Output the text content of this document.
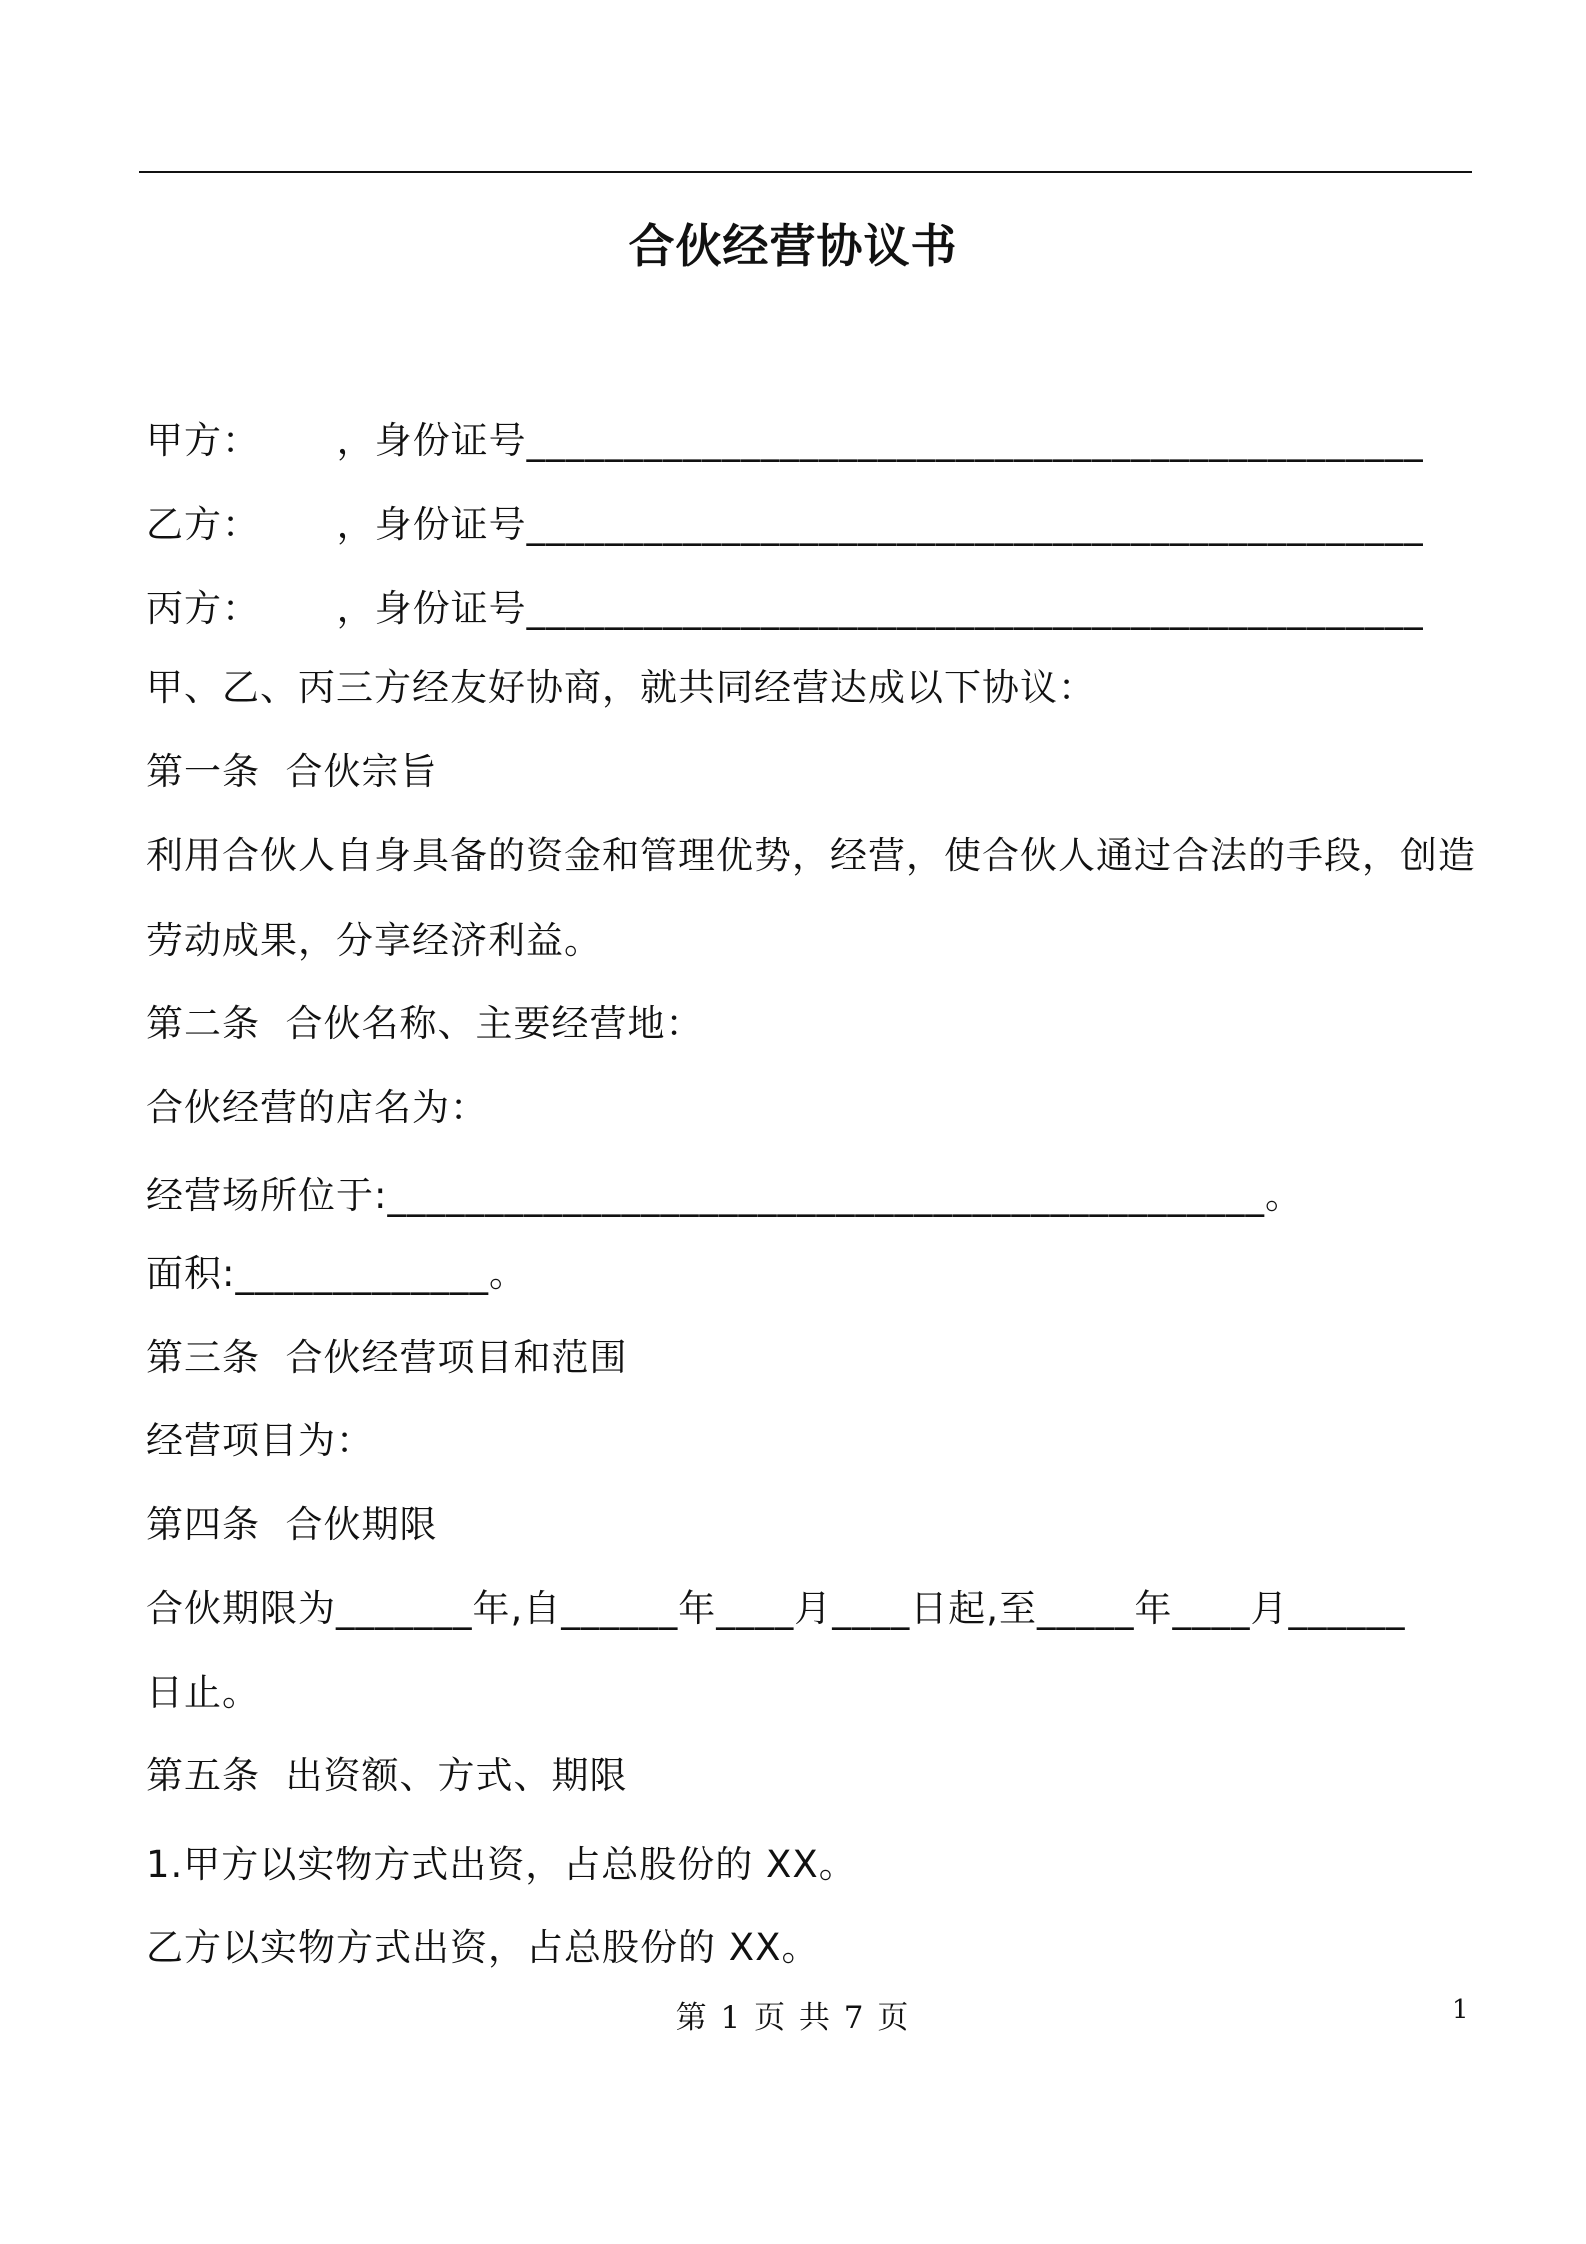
合伙经营协议书
甲方：      ，身份证号______________________________________________
乙方：      ，身份证号______________________________________________
丙方：      ，身份证号______________________________________________
甲、乙、丙三方经友好协商，就共同经营达成以下协议：
第一条  合伙宗旨
利用合伙人自身具备的资金和管理优势，经营，使合伙人通过合法的手段，创造
劳动成果，分享经济利益。
第二条  合伙名称、主要经营地：
合伙经营的店名为：
经营场所位于:_____________________________________________。
面积:_____________。
第三条  合伙经营项目和范围
经营项目为：
第四条  合伙期限
合伙期限为_______年,自______年____月____日起,至_____年____月______
日止。
第五条  出资额、方式、期限
1.甲方以实物方式出资，占总股份的 XX。
乙方以实物方式出资，占总股份的 XX。
第 1 页 共 7 页	1
